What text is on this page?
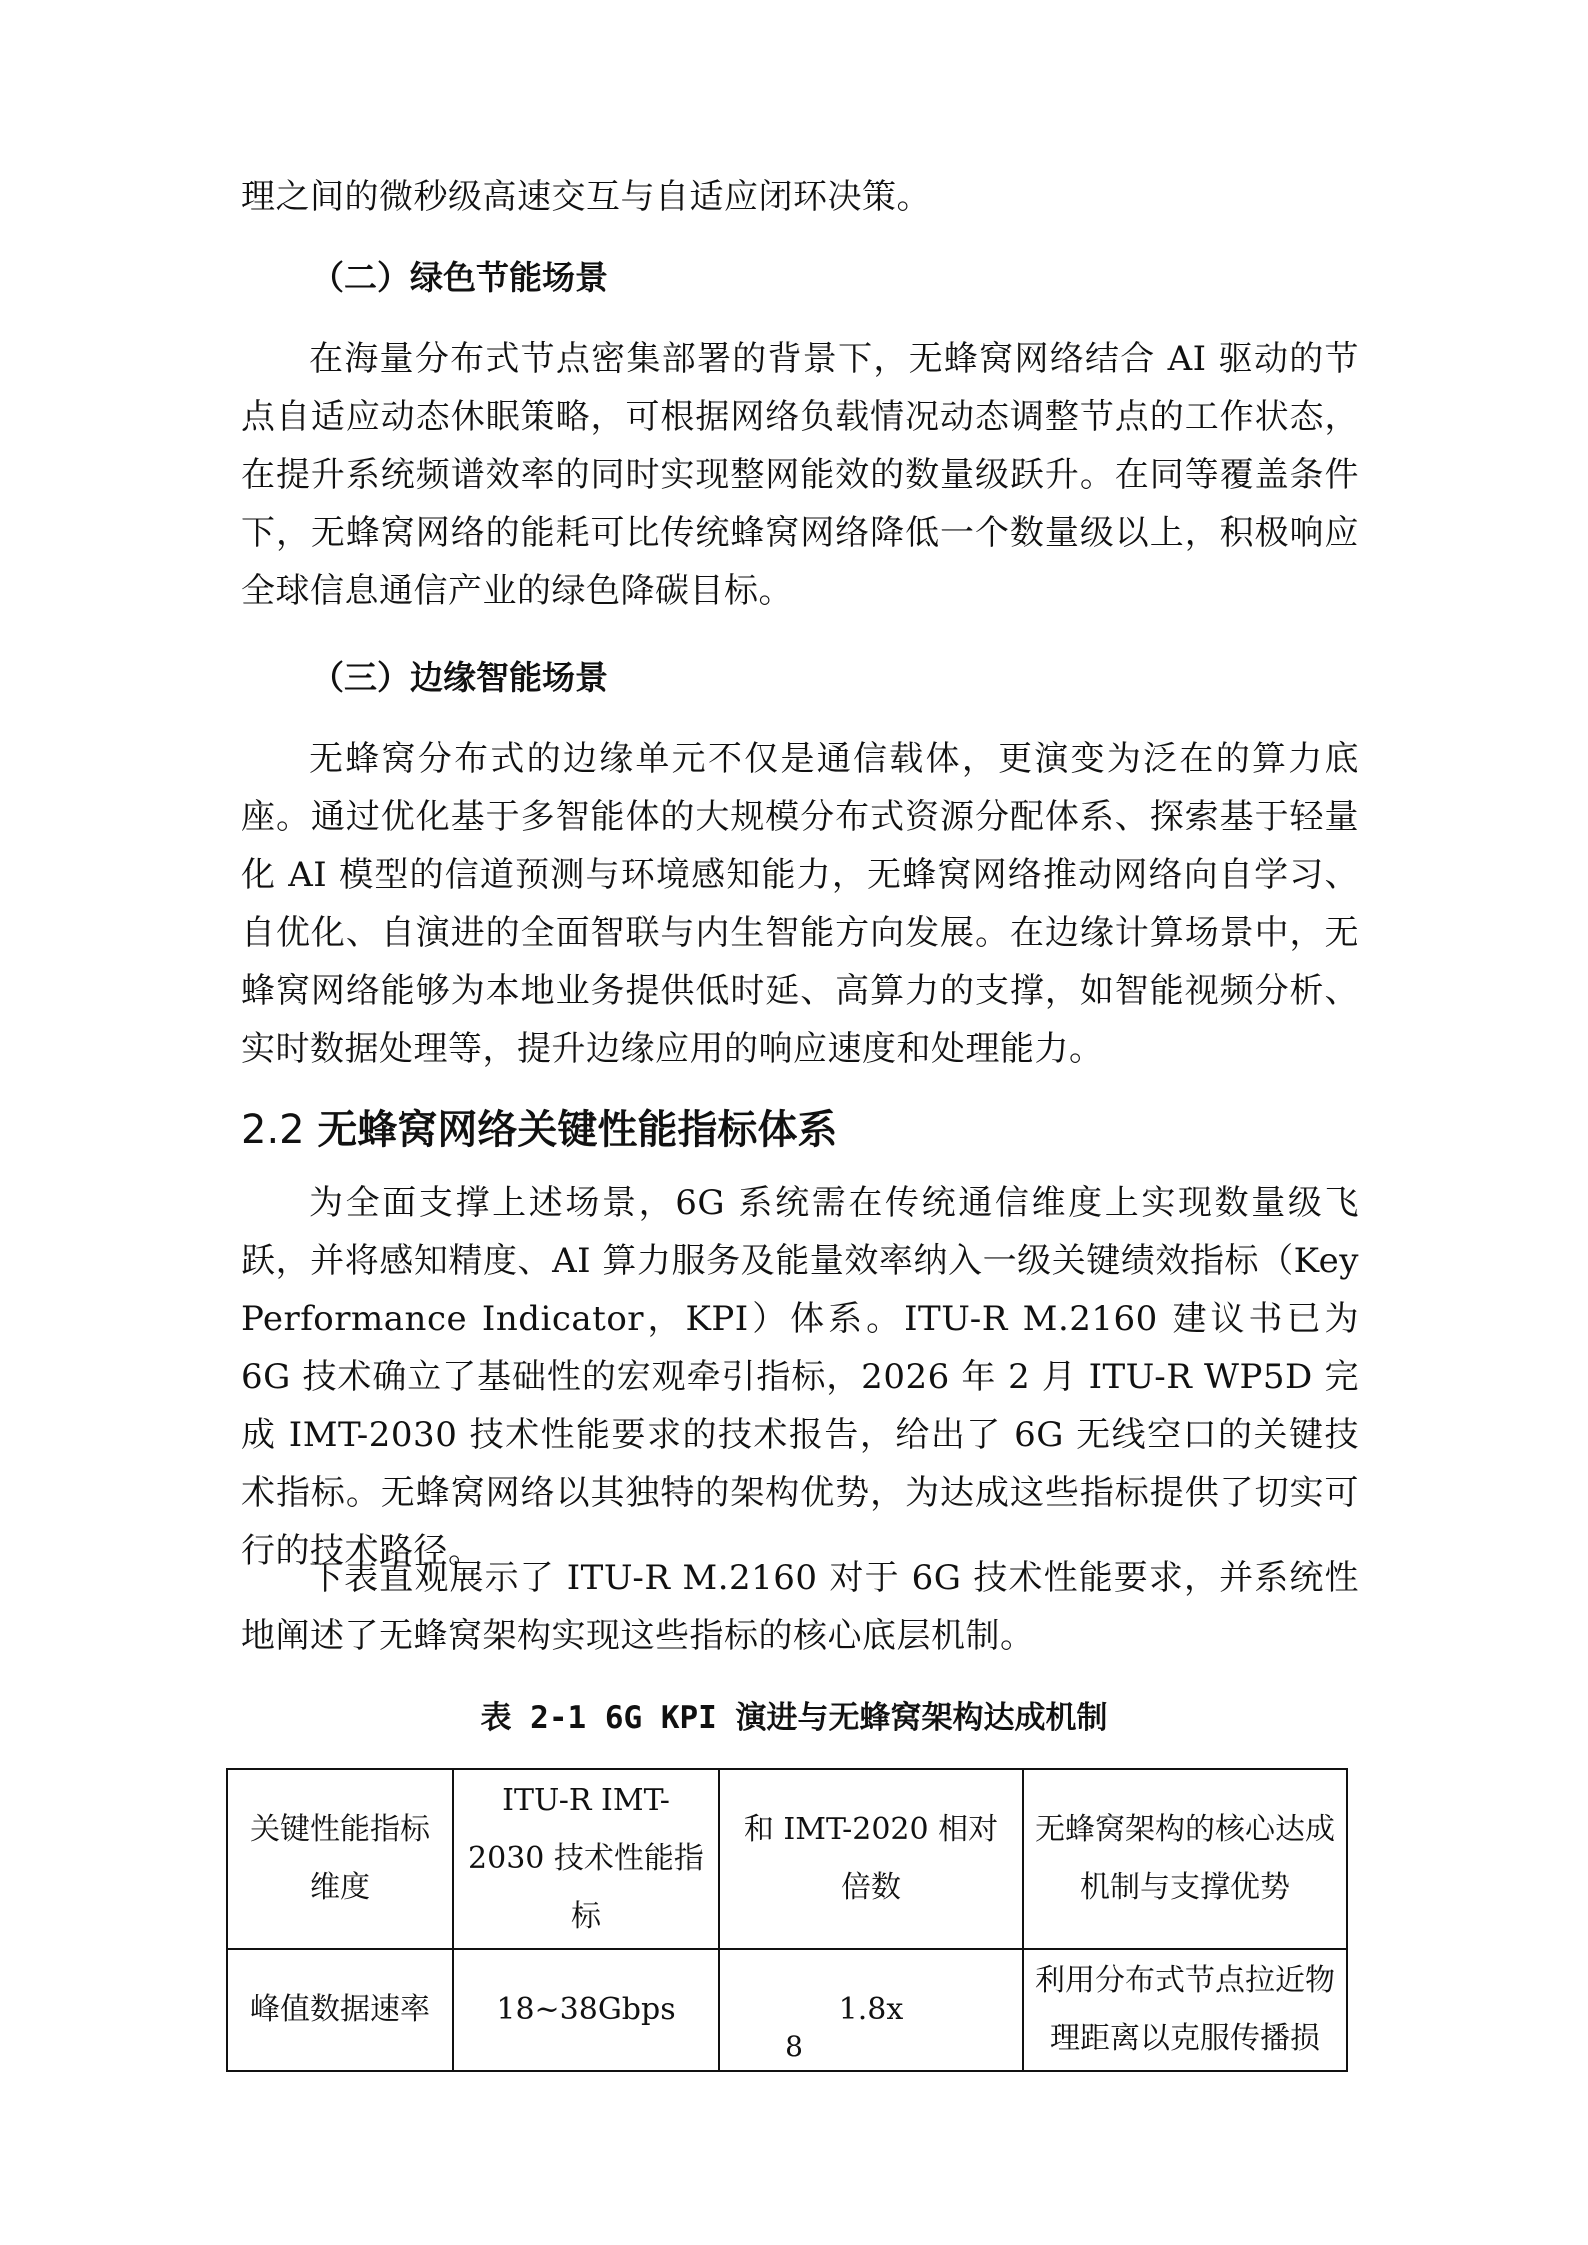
理之间的微秒级高速交互与自适应闭环决策。

（二）绿色节能场景

在海量分布式节点密集部署的背景下，无蜂窝网络结合 AI 驱动的节点自适应动态休眠策略，可根据网络负载情况动态调整节点的工作状态，在提升系统频谱效率的同时实现整网能效的数量级跃升。在同等覆盖条件下，无蜂窝网络的能耗可比传统蜂窝网络降低一个数量级以上，积极响应全球信息通信产业的绿色降碳目标。

（三）边缘智能场景

无蜂窝分布式的边缘单元不仅是通信载体，更演变为泛在的算力底座。通过优化基于多智能体的大规模分布式资源分配体系、探索基于轻量化 AI 模型的信道预测与环境感知能力，无蜂窝网络推动网络向自学习、自优化、自演进的全面智联与内生智能方向发展。在边缘计算场景中，无蜂窝网络能够为本地业务提供低时延、高算力的支撑，如智能视频分析、实时数据处理等，提升边缘应用的响应速度和处理能力。

2.2 无蜂窝网络关键性能指标体系

为全面支撑上述场景，6G 系统需在传统通信维度上实现数量级飞跃，并将感知精度、AI 算力服务及能量效率纳入一级关键绩效指标（Key Performance Indicator，KPI）体系。ITU-R M.2160 建议书已为 6G 技术确立了基础性的宏观牵引指标，2026 年 2 月 ITU-R WP5D 完成 IMT-2030 技术性能要求的技术报告，给出了 6G 无线空口的关键技术指标。无蜂窝网络以其独特的架构优势，为达成这些指标提供了切实可行的技术路径。

下表直观展示了 ITU-R M.2160 对于 6G 技术性能要求，并系统性地阐述了无蜂窝架构实现这些指标的核心底层机制。

表 2-1 6G KPI 演进与无蜂窝架构达成机制

关键性能指标维度	ITU-R IMT-2030 技术性能指标	和 IMT-2020 相对倍数	无蜂窝架构的核心达成机制与支撑优势
峰值数据速率	18~38Gbps	1.8x	利用分布式节点拉近物理距离以克服传播损
8
